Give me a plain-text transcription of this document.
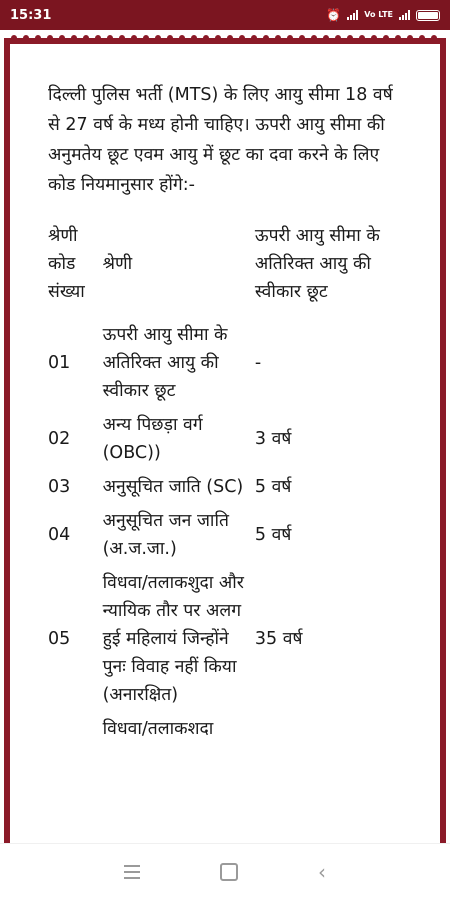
15:31	⏰	Vo LTE

दिल्ली पुलिस भर्ती (MTS) के लिए आयु सीमा 18 वर्ष से 27 वर्ष के मध्य होनी चाहिए। ऊपरी आयु सीमा की अनुमतेय छूट एवम आयु में छूट का दवा करने के लिए कोड नियमानुसार होंगे:-

श्रेणी कोड संख्या	श्रेणी	ऊपरी आयु सीमा के अतिरिक्त आयु की स्वीकार छूट
01	ऊपरी आयु सीमा के अतिरिक्त आयु की स्वीकार छूट	-
02	अन्य पिछड़ा वर्ग (OBC))	3 वर्ष
03	अनुसूचित जाति (SC)	5 वर्ष
04	अनुसूचित जन जाति (अ.ज.जा.)	5 वर्ष
05	विधवा/तलाकशुदा और न्यायिक तौर पर अलग हुई महिलायं जिन्होंने पुनः विवाह नहीं किया (अनारक्षित)	35 वर्ष
	विधवा/तलाकशदा	
‹
